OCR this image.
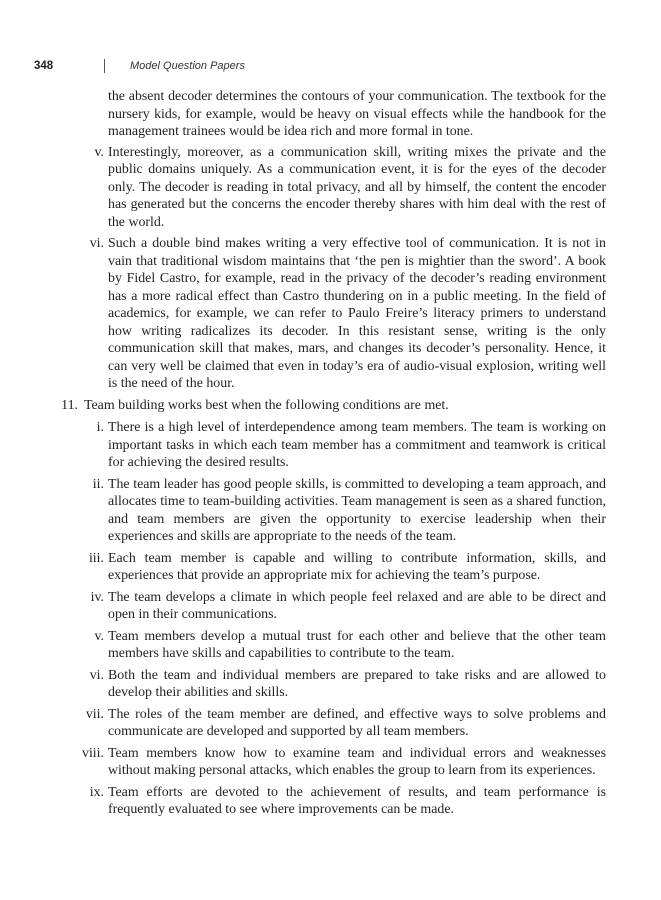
348	Model Question Papers

the absent decoder determines the contours of your communication. The textbook for the nursery kids, for example, would be heavy on visual effects while the handbook for the management trainees would be idea rich and more formal in tone.

v. Interestingly, moreover, as a communication skill, writing mixes the private and the public domains uniquely. As a communication event, it is for the eyes of the decoder only. The decoder is reading in total privacy, and all by himself, the content the encoder has generated but the concerns the encoder thereby shares with him deal with the rest of the world.
vi. Such a double bind makes writing a very effective tool of communication. It is not in vain that traditional wisdom maintains that ‘the pen is mightier than the sword’. A book by Fidel Castro, for example, read in the privacy of the decoder’s reading environment has a more radical effect than Castro thundering on in a public meeting. In the field of academics, for example, we can refer to Paulo Freire’s literacy primers to understand how writing radicalizes its decoder. In this resistant sense, writing is the only communication skill that makes, mars, and changes its decoder’s personality. Hence, it can very well be claimed that even in today’s era of audio-visual explosion, writing well is the need of the hour.
11. Team building works best when the following conditions are met.
i. There is a high level of interdependence among team members. The team is working on important tasks in which each team member has a commitment and teamwork is critical for achieving the desired results.
ii. The team leader has good people skills, is committed to developing a team approach, and allocates time to team-building activities. Team management is seen as a shared function, and team members are given the opportunity to exercise leadership when their experiences and skills are appropriate to the needs of the team.
iii. Each team member is capable and willing to contribute information, skills, and experiences that provide an appropriate mix for achieving the team’s purpose.
iv. The team develops a climate in which people feel relaxed and are able to be direct and open in their communications.
v. Team members develop a mutual trust for each other and believe that the other team members have skills and capabilities to contribute to the team.
vi. Both the team and individual members are prepared to take risks and are allowed to develop their abilities and skills.
vii. The roles of the team member are defined, and effective ways to solve problems and communicate are developed and supported by all team members.
viii. Team members know how to examine team and individual errors and weaknesses without making personal attacks, which enables the group to learn from its experiences.
ix. Team efforts are devoted to the achievement of results, and team performance is frequently evaluated to see where improvements can be made.
